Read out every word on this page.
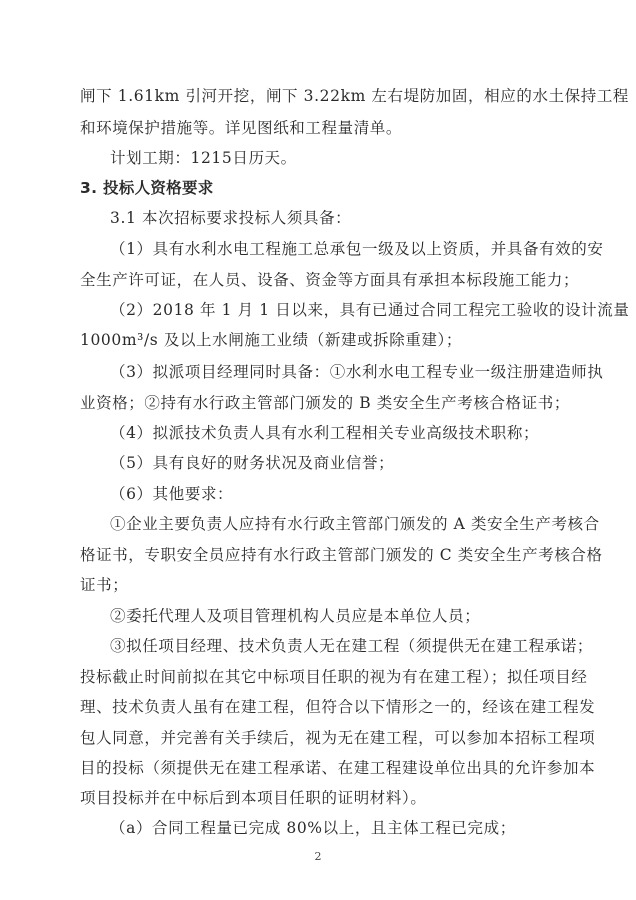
闸下 1.61km 引河开挖，闸下 3.22km 左右堤防加固，相应的水土保持工程
和环境保护措施等。详见图纸和工程量清单。
计划工期：1215日历天。
3. 投标人资格要求
3.1 本次招标要求投标人须具备：
（1）具有水利水电工程施工总承包一级及以上资质，并具备有效的安
全生产许可证，在人员、设备、资金等方面具有承担本标段施工能力；
（2）2018 年 1 月 1 日以来，具有已通过合同工程完工验收的设计流量
1000m³/s 及以上水闸施工业绩（新建或拆除重建）；
（3）拟派项目经理同时具备：①水利水电工程专业一级注册建造师执
业资格；②持有水行政主管部门颁发的 B 类安全生产考核合格证书；
（4）拟派技术负责人具有水利工程相关专业高级技术职称；
（5）具有良好的财务状况及商业信誉；
（6）其他要求：
①企业主要负责人应持有水行政主管部门颁发的 A 类安全生产考核合
格证书，专职安全员应持有水行政主管部门颁发的 C 类安全生产考核合格
证书；
②委托代理人及项目管理机构人员应是本单位人员；
③拟任项目经理、技术负责人无在建工程（须提供无在建工程承诺；
投标截止时间前拟在其它中标项目任职的视为有在建工程）；拟任项目经
理、技术负责人虽有在建工程，但符合以下情形之一的，经该在建工程发
包人同意，并完善有关手续后，视为无在建工程，可以参加本招标工程项
目的投标（须提供无在建工程承诺、在建工程建设单位出具的允许参加本
项目投标并在中标后到本项目任职的证明材料）。
（a）合同工程量已完成 80%以上，且主体工程已完成；
2
